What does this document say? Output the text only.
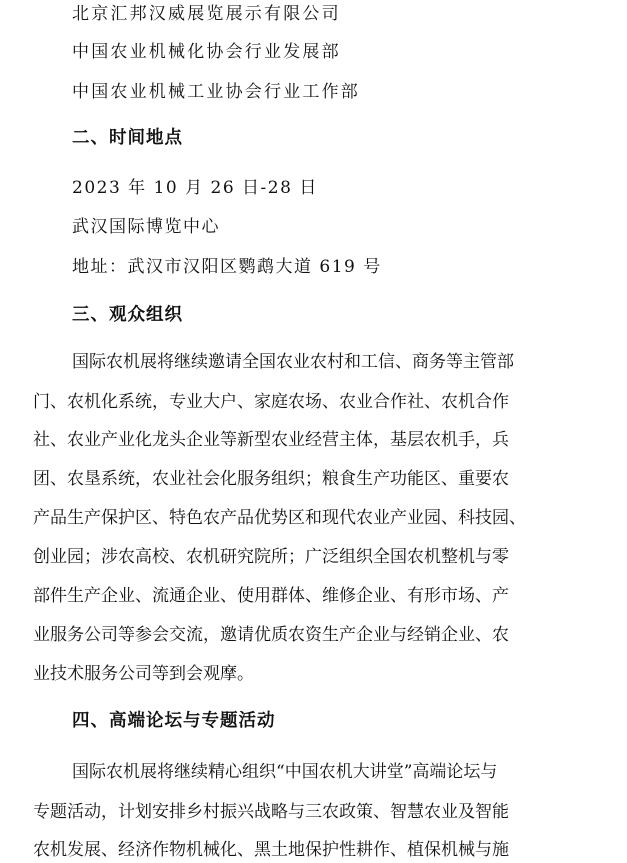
北京汇邦汉威展览展示有限公司
中国农业机械化协会行业发展部
中国农业机械工业协会行业工作部
二、时间地点
2023 年 10 月 26 日-28 日
武汉国际博览中心
地址：武汉市汉阳区鹦鹉大道 619 号
三、观众组织
国际农机展将继续邀请全国农业农村和工信、商务等主管部
门、农机化系统，专业大户、家庭农场、农业合作社、农机合作
社、农业产业化龙头企业等新型农业经营主体，基层农机手，兵
团、农垦系统，农业社会化服务组织；粮食生产功能区、重要农
产品生产保护区、特色农产品优势区和现代农业产业园、科技园、
创业园；涉农高校、农机研究院所；广泛组织全国农机整机与零
部件生产企业、流通企业、使用群体、维修企业、有形市场、产
业服务公司等参会交流，邀请优质农资生产企业与经销企业、农
业技术服务公司等到会观摩。
四、高端论坛与专题活动
国际农机展将继续精心组织“中国农机大讲堂”高端论坛与
专题活动，计划安排乡村振兴战略与三农政策、智慧农业及智能
农机发展、经济作物机械化、黑土地保护性耕作、植保机械与施
